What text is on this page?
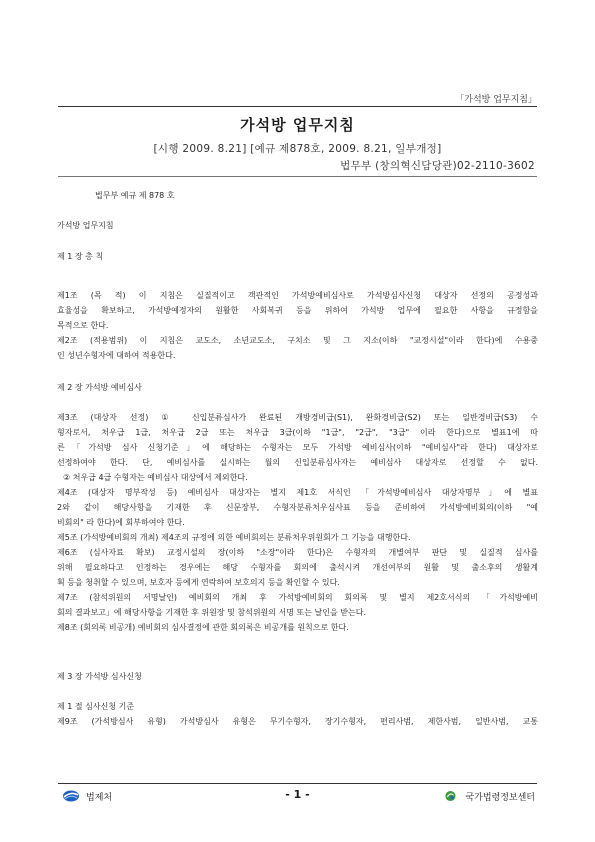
「가석방 업무지침」
가석방 업무지침
[시행 2009. 8.21] [예규 제878호, 2009. 8.21, 일부개정]
법무부 (창의혁신담당관)02-2110-3602
법무부 예규 제 878 호
가석방 업무지침
제 1 장 총 칙
제1조 (목 적) 이 지침은 실질적이고 객관적인 가석방예비심사로 가석방심사신청 대상자 선정의 공정성과
효율성을 확보하고, 가석방예정자의 원활한 사회복귀 등을 위하여 가석방 업무에 필요한 사항을 규정함을
목적으로 한다.
제2조 (적용범위) 이 지침은 교도소, 소년교도소, 구치소 및 그 지소(이하 "교정시설"이라 한다)에 수용중
인 성년수형자에 대하여 적용한다.
제 2 장 가석방 예비심사
제3조 (대상자 선정) ① 신입분류심사가 완료된 개방경비급(S1), 완화경비급(S2) 또는 일반경비급(S3) 수
형자로서, 처우급 1급, 처우급 2급 또는 처우급 3급(이하 "1급", "2급", "3급" 이라 한다)으로 별표1에 따
른「가석방 심사 신청기준」에 해당하는 수형자는 모두 가석방 예비심사(이하 "예비심사"라 한다) 대상자로
선정하여야 한다. 단, 예비심사를 실시하는 월의 신입분류심사자는 예비심사 대상자로 선정할 수 없다.
② 처우급 4급 수형자는 예비심사 대상에서 제외한다.
제4조 (대상자 명부작성 등) 예비심사 대상자는 별지 제1호 서식인 「가석방예비심사 대상자명부」에 별표
2와 같이 해당사항을 기재한 후 신문장부, 수형자분류처우심사표 등을 준비하여 가석방예비회의(이하 "예
비회의" 라 한다)에 회부하여야 한다.
제5조 (가석방예비회의 개최) 제4조의 규정에 의한 예비회의는 분류처우위원회가 그 기능을 대행한다.
제6조 (심사자료 확보) 교정시설의 장(이하 "소장"이라 한다)은 수형자의 개별여부 판단 및 실질적 심사를
위해 필요하다고 인정하는 경우에는 해당 수형자를 회의에 출석시켜 개선여부의 원활 및 출소후의 생활계
획 등을 청취할 수 있으며, 보호자 등에게 연락하여 보호의지 등을 확인할 수 있다.
제7조 (참석위원의 서명날인) 예비회의 개최 후 가석방예비회의 회의록 및 별지 제2호서식의 「가석방예비
회의 결과보고」에 해당사항을 기재한 후 위원장 및 참석위원의 서명 또는 날인을 받는다.
제8조 (회의록 비공개) 예비회의 심사결정에 관한 회의록은 비공개를 원칙으로 한다.
제 3 장 가석방 심사신청
제 1 절 심사신청 기준
제9조 (가석방심사 유형) 가석방심사 유형은 무기수형자, 장기수형자, 편리사범, 제한사범, 일반사범, 교통
법제처	- 1 -	국가법령정보센터
